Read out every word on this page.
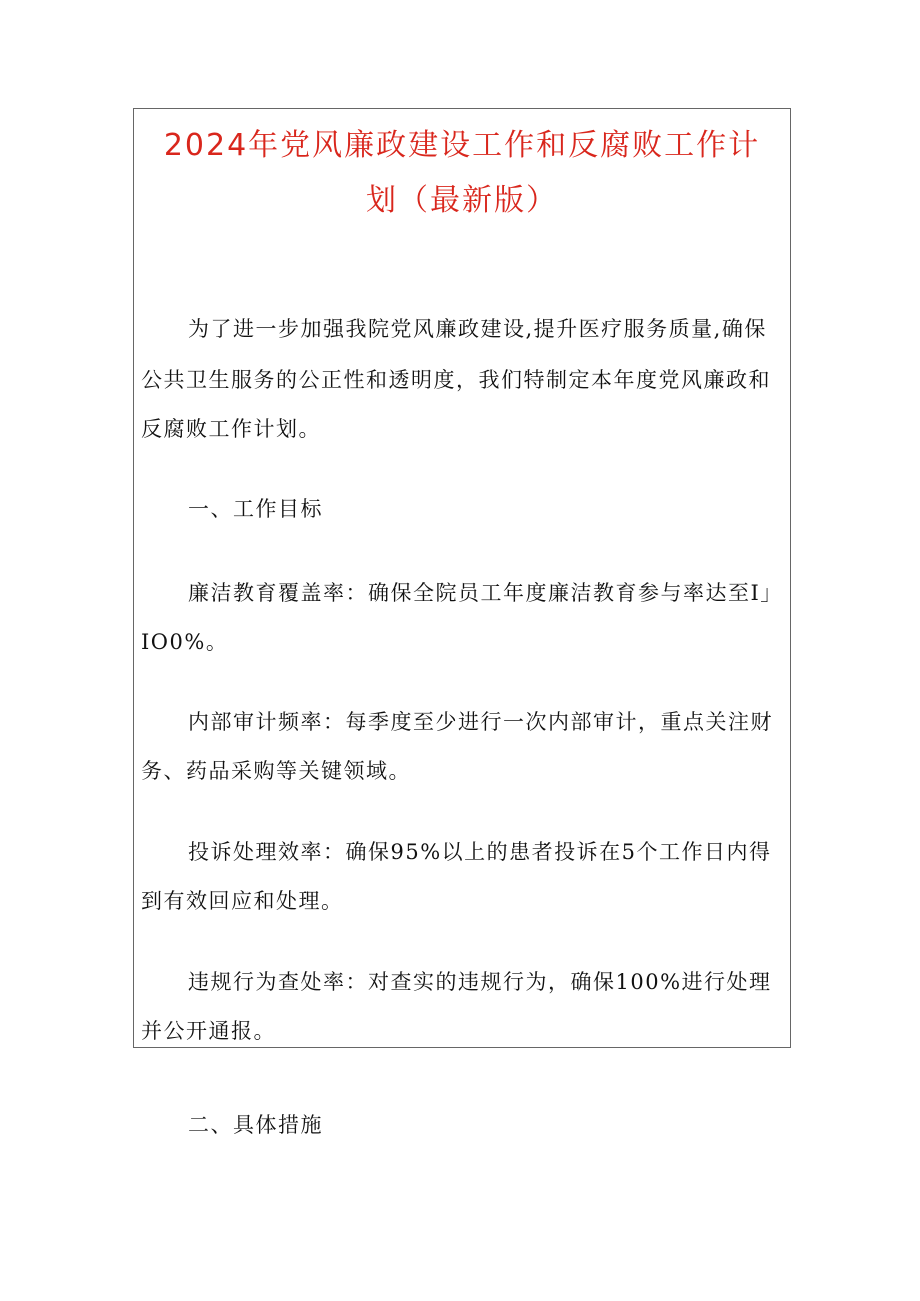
2024年党风廉政建设工作和反腐败工作计
划（最新版）

为了进一步加强我院党风廉政建设,提升医疗服务质量,确保

公共卫生服务的公正性和透明度，我们特制定本年度党风廉政和

反腐败工作计划。

一、工作目标

廉洁教育覆盖率：确保全院员工年度廉洁教育参与率达至I」

IO0%。

内部审计频率：每季度至少进行一次内部审计，重点关注财

务、药品采购等关键领域。

投诉处理效率：确保95%以上的患者投诉在5个工作日内得

到有效回应和处理。

违规行为查处率：对查实的违规行为，确保100%进行处理

并公开通报。

二、具体措施
